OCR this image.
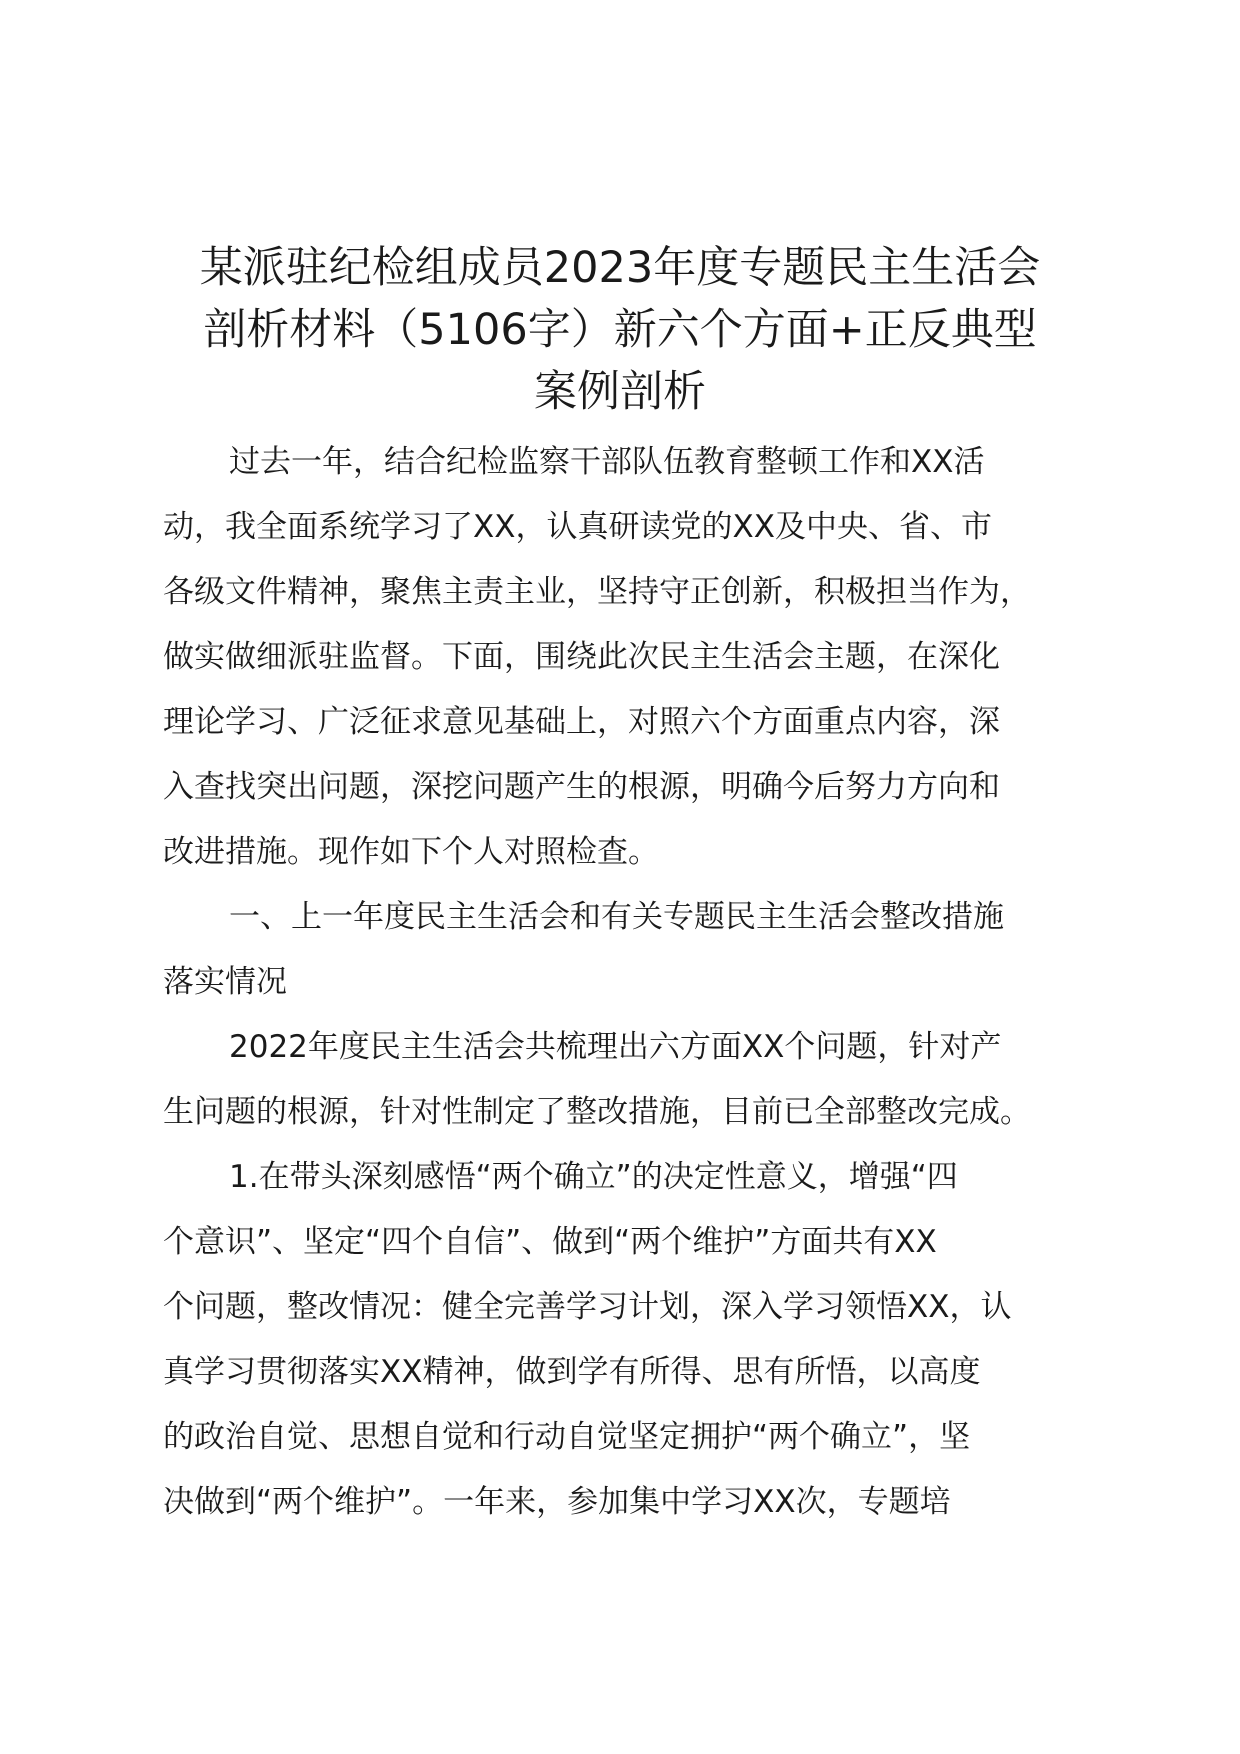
某派驻纪检组成员2023年度专题民主生活会
剖析材料（5106字）新六个方面+正反典型
案例剖析

过去一年，结合纪检监察干部队伍教育整顿工作和XX活
动，我全面系统学习了XX，认真研读党的XX及中央、省、市
各级文件精神，聚焦主责主业，坚持守正创新，积极担当作为，
做实做细派驻监督。下面，围绕此次民主生活会主题，在深化
理论学习、广泛征求意见基础上，对照六个方面重点内容，深
入查找突出问题，深挖问题产生的根源，明确今后努力方向和
改进措施。现作如下个人对照检查。

一、上一年度民主生活会和有关专题民主生活会整改措施
落实情况

2022年度民主生活会共梳理出六方面XX个问题，针对产
生问题的根源，针对性制定了整改措施，目前已全部整改完成。

1.在带头深刻感悟“两个确立”的决定性意义，增强“四
个意识”、坚定“四个自信”、做到“两个维护”方面共有XX
个问题，整改情况：健全完善学习计划，深入学习领悟XX，认
真学习贯彻落实XX精神，做到学有所得、思有所悟，以高度
的政治自觉、思想自觉和行动自觉坚定拥护“两个确立”，坚
决做到“两个维护”。一年来，参加集中学习XX次，专题培
